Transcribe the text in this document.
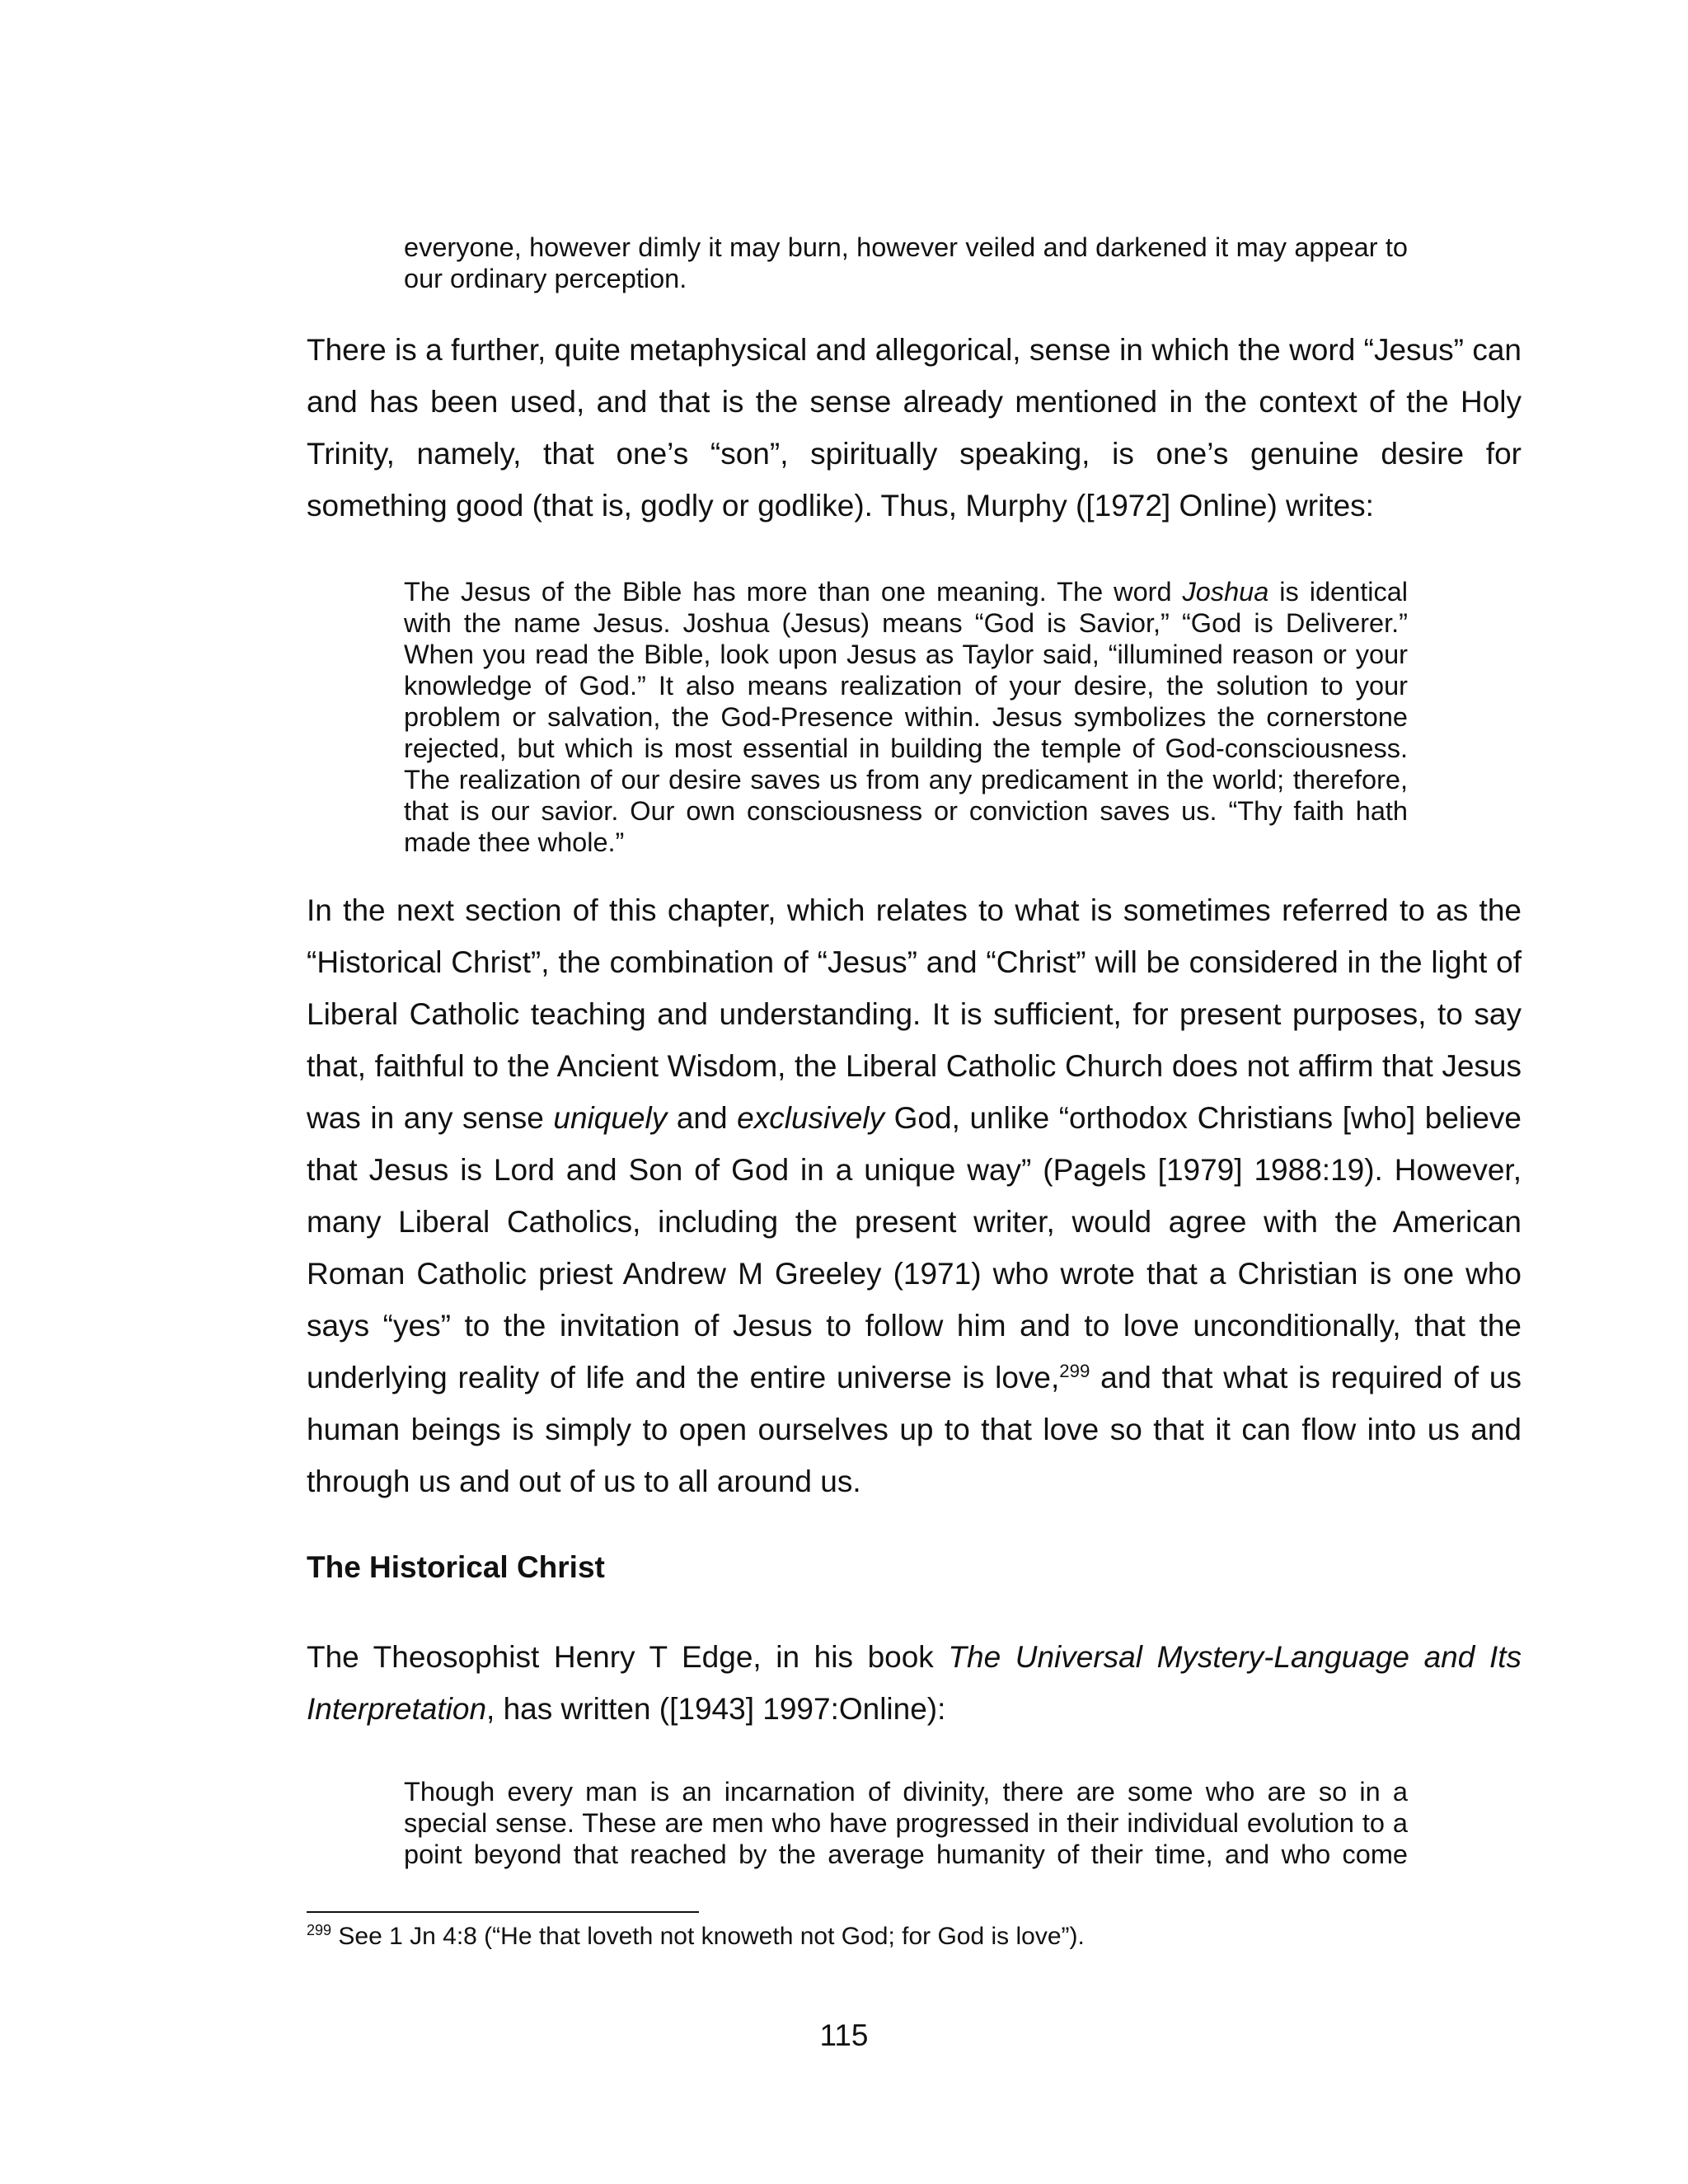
everyone, however dimly it may burn, however veiled and darkened it may appear to our ordinary perception.

There is a further, quite metaphysical and allegorical, sense in which the word “Jesus” can and has been used, and that is the sense already mentioned in the context of the Holy Trinity, namely, that one’s “son”, spiritually speaking, is one’s genuine desire for something good (that is, godly or godlike). Thus, Murphy ([1972] Online) writes:

The Jesus of the Bible has more than one meaning. The word Joshua is identical with the name Jesus. Joshua (Jesus) means “God is Savior,” “God is Deliverer.” When you read the Bible, look upon Jesus as Taylor said, “illumined reason or your knowledge of God.” It also means realization of your desire, the solution to your problem or salvation, the God-Presence within. Jesus symbolizes the cornerstone rejected, but which is most essential in building the temple of God-consciousness. The realization of our desire saves us from any predicament in the world; therefore, that is our savior. Our own consciousness or conviction saves us. “Thy faith hath made thee whole.”

In the next section of this chapter, which relates to what is sometimes referred to as the “Historical Christ”, the combination of “Jesus” and “Christ” will be considered in the light of Liberal Catholic teaching and understanding. It is sufficient, for present purposes, to say that, faithful to the Ancient Wisdom, the Liberal Catholic Church does not affirm that Jesus was in any sense uniquely and exclusively God, unlike “orthodox Christians [who] believe that Jesus is Lord and Son of God in a unique way” (Pagels [1979] 1988:19). However, many Liberal Catholics, including the present writer, would agree with the American Roman Catholic priest Andrew M Greeley (1971) who wrote that a Christian is one who says “yes” to the invitation of Jesus to follow him and to love unconditionally, that the underlying reality of life and the entire universe is love,$^{299}$ and that what is required of us human beings is simply to open ourselves up to that love so that it can flow into us and through us and out of us to all around us.

The Historical Christ

The Theosophist Henry T Edge, in his book The Universal Mystery-Language and Its Interpretation, has written ([1943] 1997:Online):

Though every man is an incarnation of divinity, there are some who are so in a special sense. These are men who have progressed in their individual evolution to a point beyond that reached by the average humanity of their time, and who come

$^{299}$ See 1 Jn 4:8 (“He that loveth not knoweth not God; for God is love”).

115
